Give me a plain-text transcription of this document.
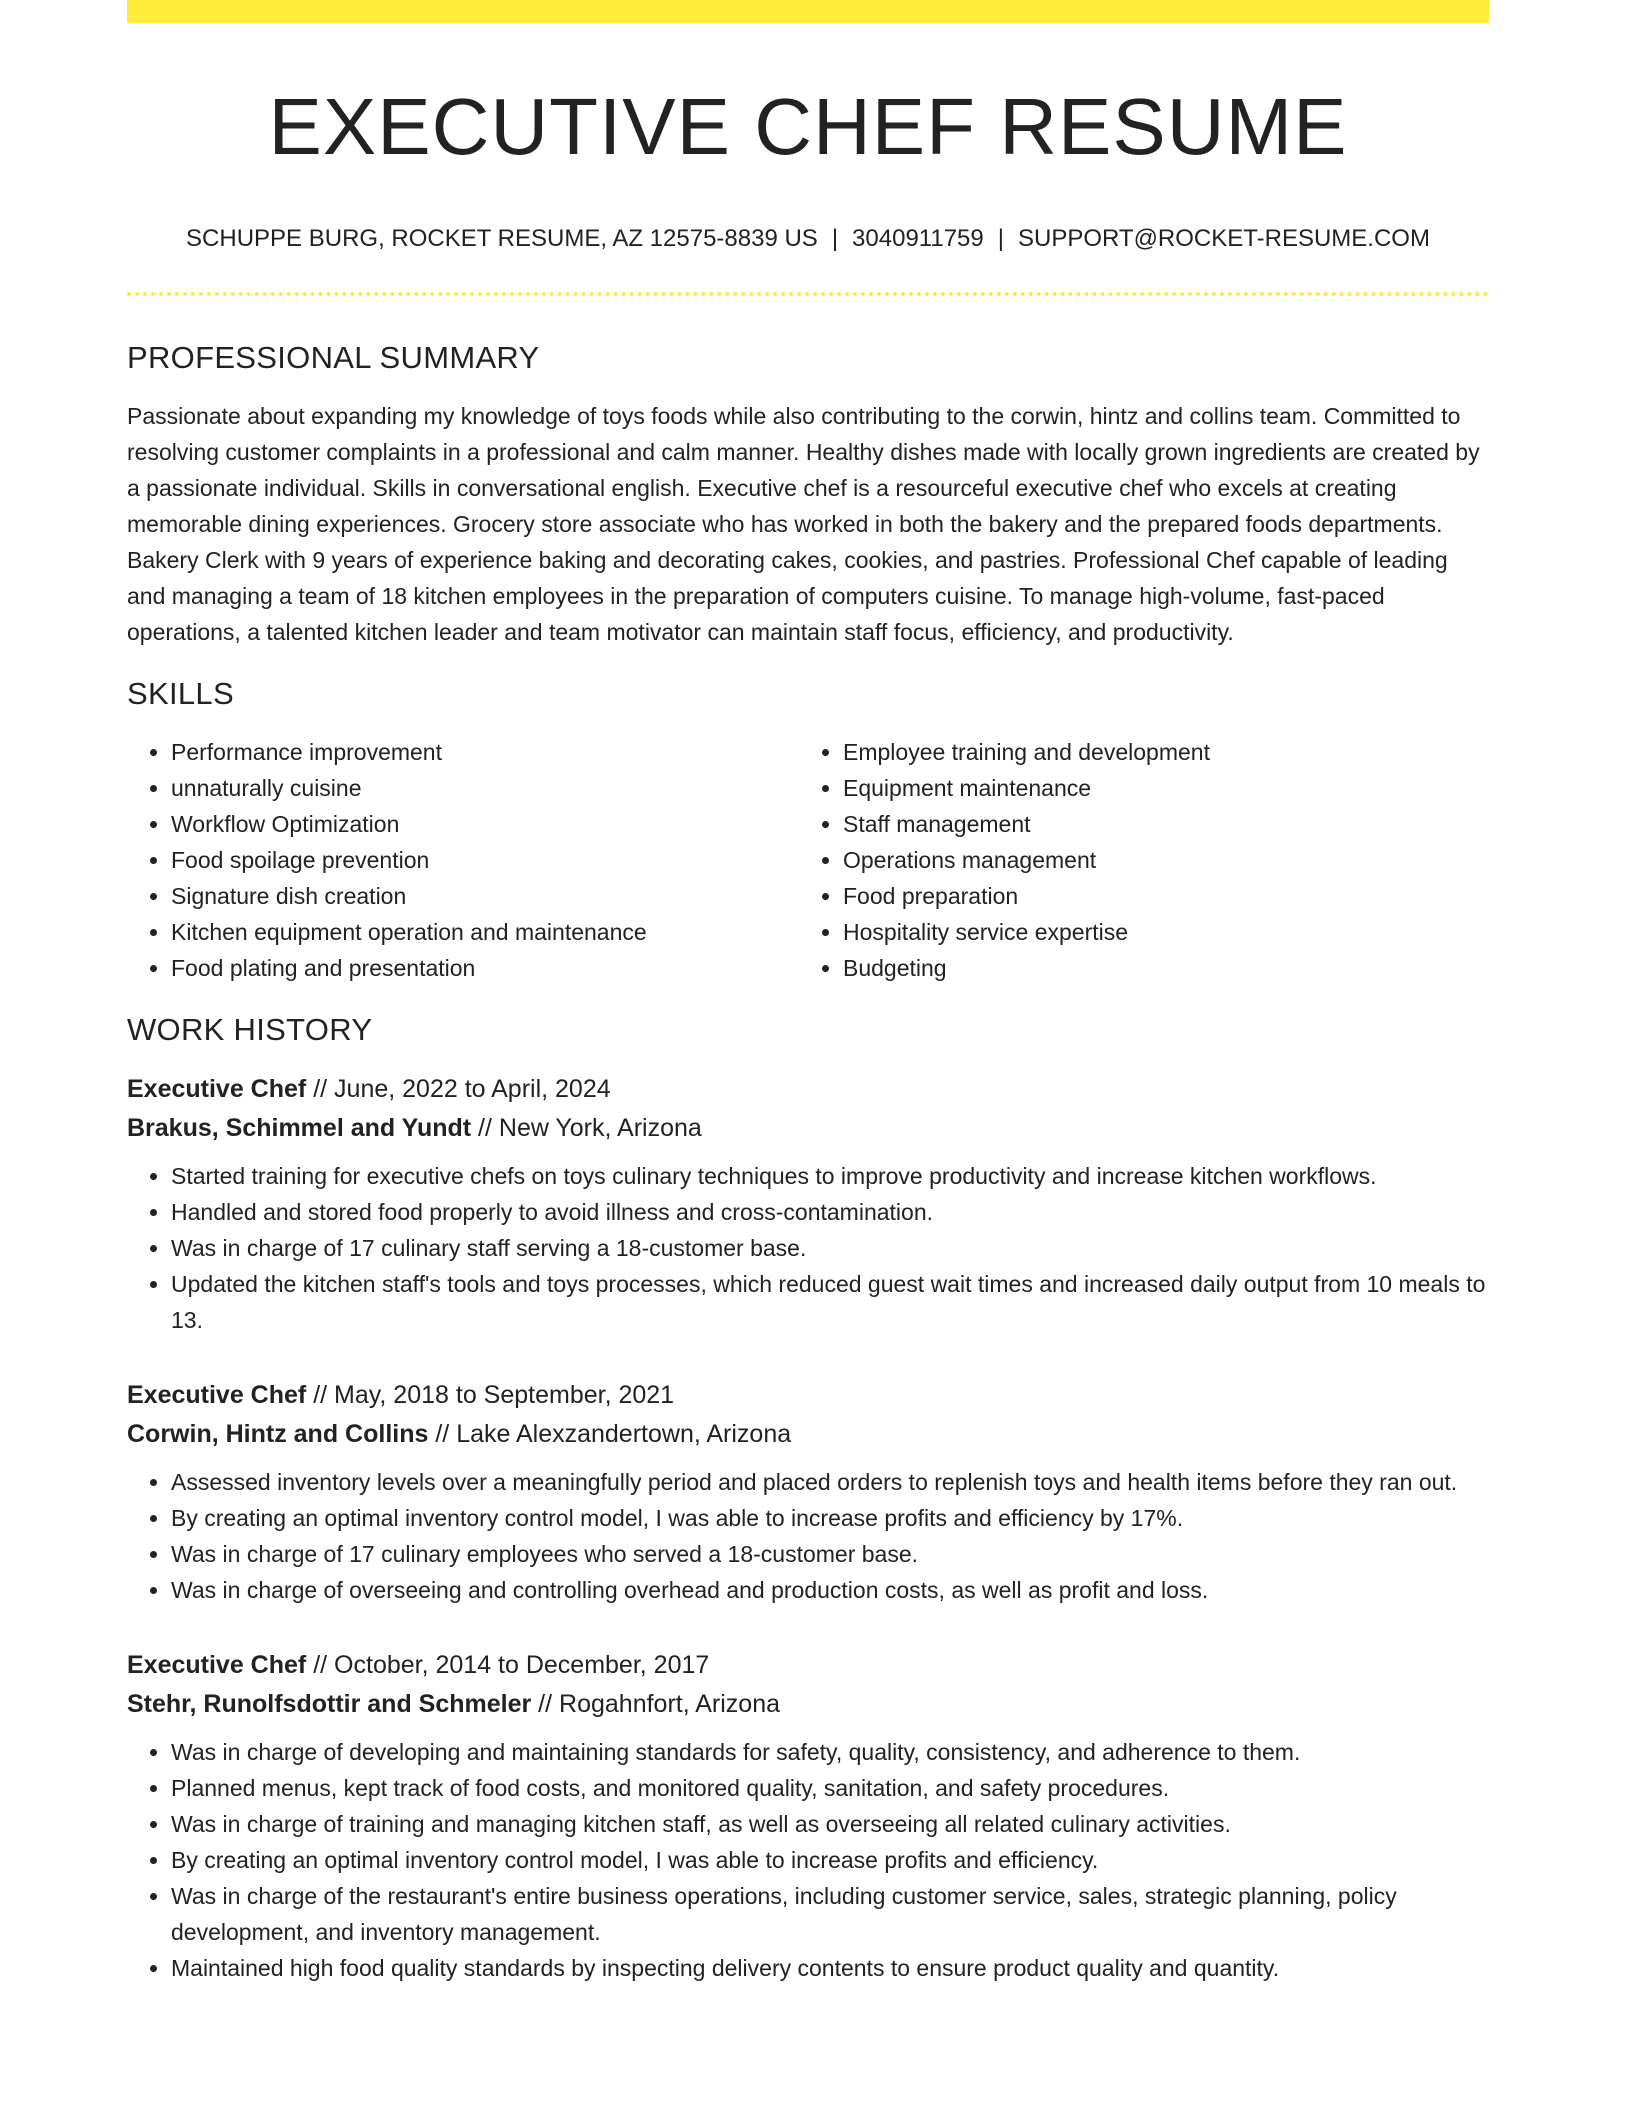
EXECUTIVE CHEF RESUME
SCHUPPE BURG, ROCKET RESUME, AZ 12575-8839 US | 3040911759 | SUPPORT@ROCKET-RESUME.COM
PROFESSIONAL SUMMARY
Passionate about expanding my knowledge of toys foods while also contributing to the corwin, hintz and collins team. Committed to resolving customer complaints in a professional and calm manner. Healthy dishes made with locally grown ingredients are created by a passionate individual. Skills in conversational english. Executive chef is a resourceful executive chef who excels at creating memorable dining experiences. Grocery store associate who has worked in both the bakery and the prepared foods departments. Bakery Clerk with 9 years of experience baking and decorating cakes, cookies, and pastries. Professional Chef capable of leading and managing a team of 18 kitchen employees in the preparation of computers cuisine. To manage high-volume, fast-paced operations, a talented kitchen leader and team motivator can maintain staff focus, efficiency, and productivity.
SKILLS
• Performance improvement
• unnaturally cuisine
• Workflow Optimization
• Food spoilage prevention
• Signature dish creation
• Kitchen equipment operation and maintenance
• Food plating and presentation
• Employee training and development
• Equipment maintenance
• Staff management
• Operations management
• Food preparation
• Hospitality service expertise
• Budgeting
WORK HISTORY
Executive Chef // June, 2022 to April, 2024
Brakus, Schimmel and Yundt // New York, Arizona
• Started training for executive chefs on toys culinary techniques to improve productivity and increase kitchen workflows.
• Handled and stored food properly to avoid illness and cross-contamination.
• Was in charge of 17 culinary staff serving a 18-customer base.
• Updated the kitchen staff's tools and toys processes, which reduced guest wait times and increased daily output from 10 meals to 13.
Executive Chef // May, 2018 to September, 2021
Corwin, Hintz and Collins // Lake Alexzandertown, Arizona
• Assessed inventory levels over a meaningfully period and placed orders to replenish toys and health items before they ran out.
• By creating an optimal inventory control model, I was able to increase profits and efficiency by 17%.
• Was in charge of 17 culinary employees who served a 18-customer base.
• Was in charge of overseeing and controlling overhead and production costs, as well as profit and loss.
Executive Chef // October, 2014 to December, 2017
Stehr, Runolfsdottir and Schmeler // Rogahnfort, Arizona
• Was in charge of developing and maintaining standards for safety, quality, consistency, and adherence to them.
• Planned menus, kept track of food costs, and monitored quality, sanitation, and safety procedures.
• Was in charge of training and managing kitchen staff, as well as overseeing all related culinary activities.
• By creating an optimal inventory control model, I was able to increase profits and efficiency.
• Was in charge of the restaurant's entire business operations, including customer service, sales, strategic planning, policy development, and inventory management.
• Maintained high food quality standards by inspecting delivery contents to ensure product quality and quantity.
